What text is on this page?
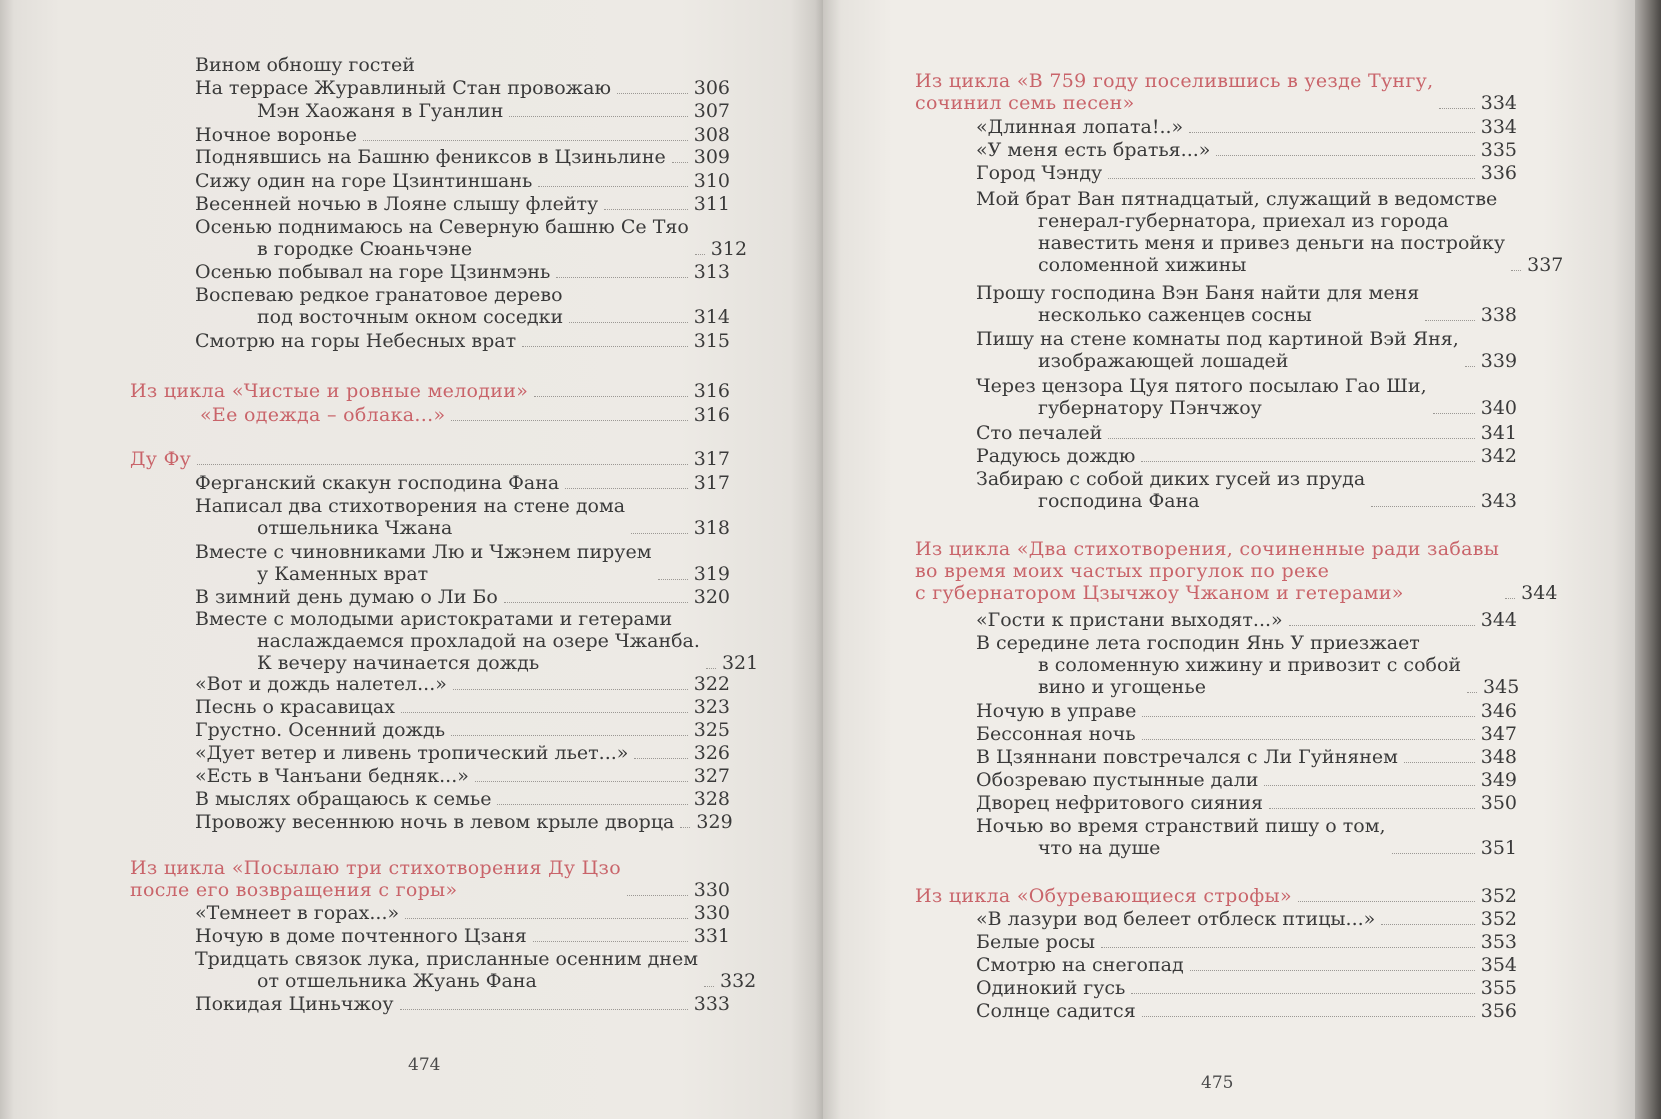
Вином обношу гостей
На террасе Журавлиный Стан провожаю	306
Мэн Хаожаня в Гуанлин	307
Ночное воронье	308
Поднявшись на Башню фениксов в Цзиньлине 309
Сижу один на горе Цзинтиншань	310
Весенней ночью в Лояне слышу флейту	311
Осенью поднимаюсь на Северную башню Се Тяо
в городке Сюаньчэне	312
Осенью побывал на горе Цзинмэнь	313
Воспеваю редкое гранатовое дерево
под восточным окном соседки	314
Смотрю на горы Небесных врат	315
Из цикла «Чистые и ровные мелодии»	316
«Ее одежда – облака...»	316
Ду Фу	317
Ферганский скакун господина Фана	317
Написал два стихотворения на стене дома
отшельника Чжана	318
Вместе с чиновниками Лю и Чжэнем пируем
у Каменных врат	319
В зимний день думаю о Ли Бо	320
Вместе с молодыми аристократами и гетерами
наслаждаемся прохладой на озере Чжанба.
К вечеру начинается дождь	321
«Вот и дождь налетел...»	322
Песнь о красавицах	323
Грустно. Осенний дождь	325
«Дует ветер и ливень тропический льет...»	326
«Есть в Чанъани бедняк...»	327
В мыслях обращаюсь к семье	328
Провожу весеннюю ночь в левом крыле дворца 329
Из цикла «Посылаю три стихотворения Ду Цзо
после его возвращения с горы»	330
«Темнеет в горах...»	330
Ночую в доме почтенного Цзаня	331
Тридцать связок лука, присланные осенним днем
от отшельника Жуань Фана	332
Покидая Циньчжоу	333
474
Из цикла «В 759 году поселившись в уезде Тунгу,
сочинил семь песен»	334
«Длинная лопата!..»	334
«У меня есть братья...»	335
Город Чэнду	336
Мой брат Ван пятнадцатый, служащий в ведомстве
генерал-губернатора, приехал из города
навестить меня и привез деньги на постройку
соломенной хижины	337
Прошу господина Вэн Баня найти для меня
несколько саженцев сосны	338
Пишу на стене комнаты под картиной Вэй Яня,
изображающей лошадей	339
Через цензора Цуя пятого посылаю Гао Ши,
губернатору Пэнчжоу	340
Сто печалей	341
Радуюсь дождю	342
Забираю с собой диких гусей из пруда
господина Фана	343
Из цикла «Два стихотворения, сочиненные ради забавы
во время моих частых прогулок по реке
с губернатором Цзычжоу Чжаном и гетерами»	344
«Гости к пристани выходят...»	344
В середине лета господин Янь У приезжает
в соломенную хижину и привозит с собой
вино и угощенье	345
Ночую в управе	346
Бессонная ночь	347
В Цзяннани повстречался с Ли Гуйнянем	348
Обозреваю пустынные дали	349
Дворец нефритового сияния	350
Ночью во время странствий пишу о том,
что на душе	351
Из цикла «Обуревающиеся строфы»	352
«В лазури вод белеет отблеск птицы...»	352
Белые росы	353
Смотрю на снегопад	354
Одинокий гусь	355
Солнце садится	356
475
